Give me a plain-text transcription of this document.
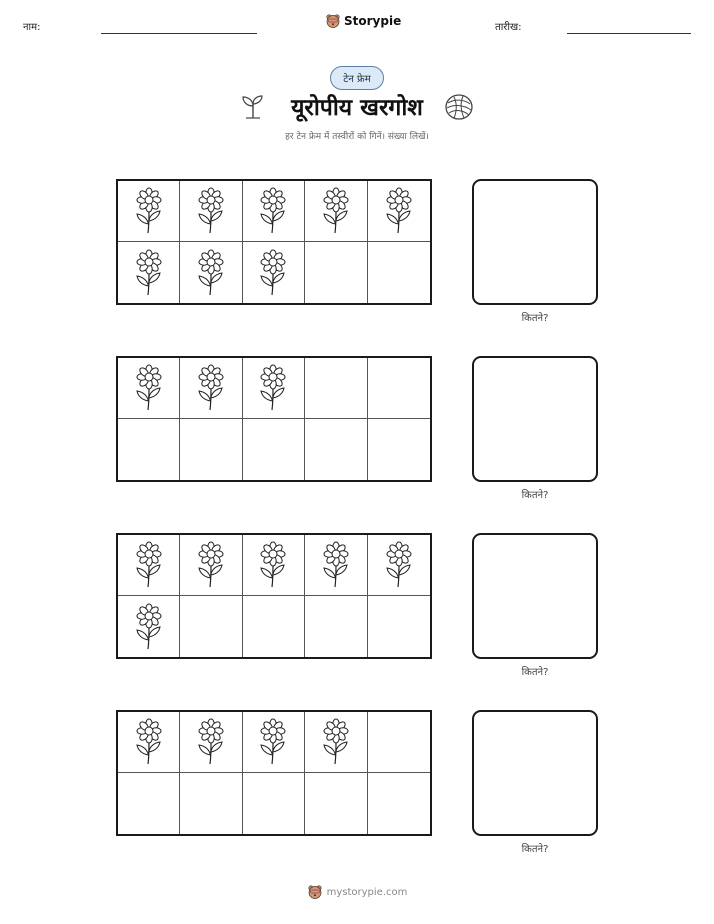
नाम:	Storypie	तारीख:
टेन फ्रेम
यूरोपीय खरगोश
हर टेन फ्रेम में तस्वीरों को गिनें। संख्या लिखें।
कितने?
कितने?
कितने?
कितने?
mystorypie.com
